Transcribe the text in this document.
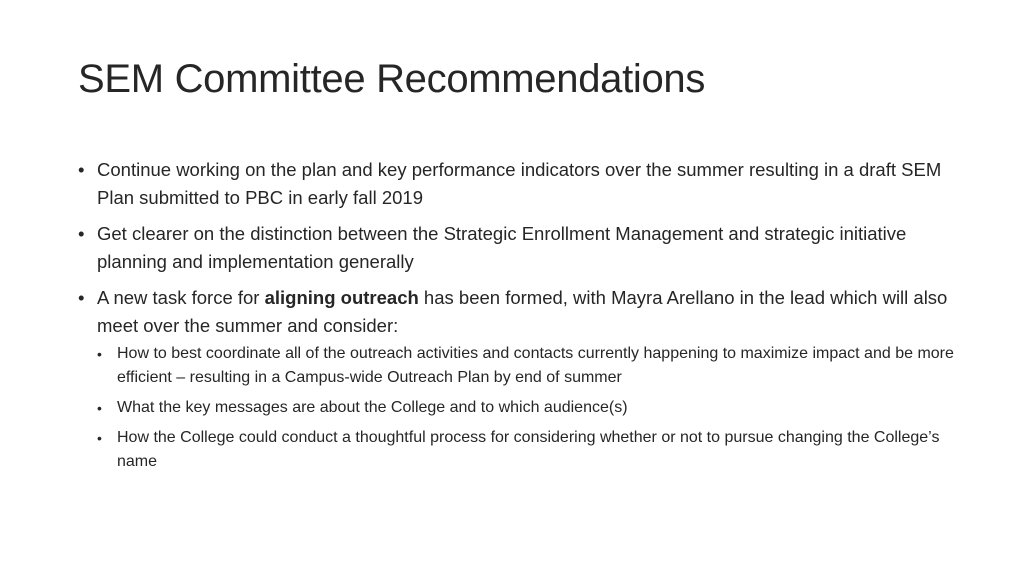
SEM Committee Recommendations
• Continue working on the plan and key performance indicators over the summer resulting in a draft SEM Plan submitted to PBC in early fall 2019
• Get clearer on the distinction between the Strategic Enrollment Management and strategic initiative planning and implementation generally
• A new task force for aligning outreach has been formed, with Mayra Arellano in the lead which will also meet over the summer and consider:
• How to best coordinate all of the outreach activities and contacts currently happening to maximize impact and be more efficient – resulting in a Campus-wide Outreach Plan by end of summer
• What the key messages are about the College and to which audience(s)
• How the College could conduct a thoughtful process for considering whether or not to pursue changing the College’s name
